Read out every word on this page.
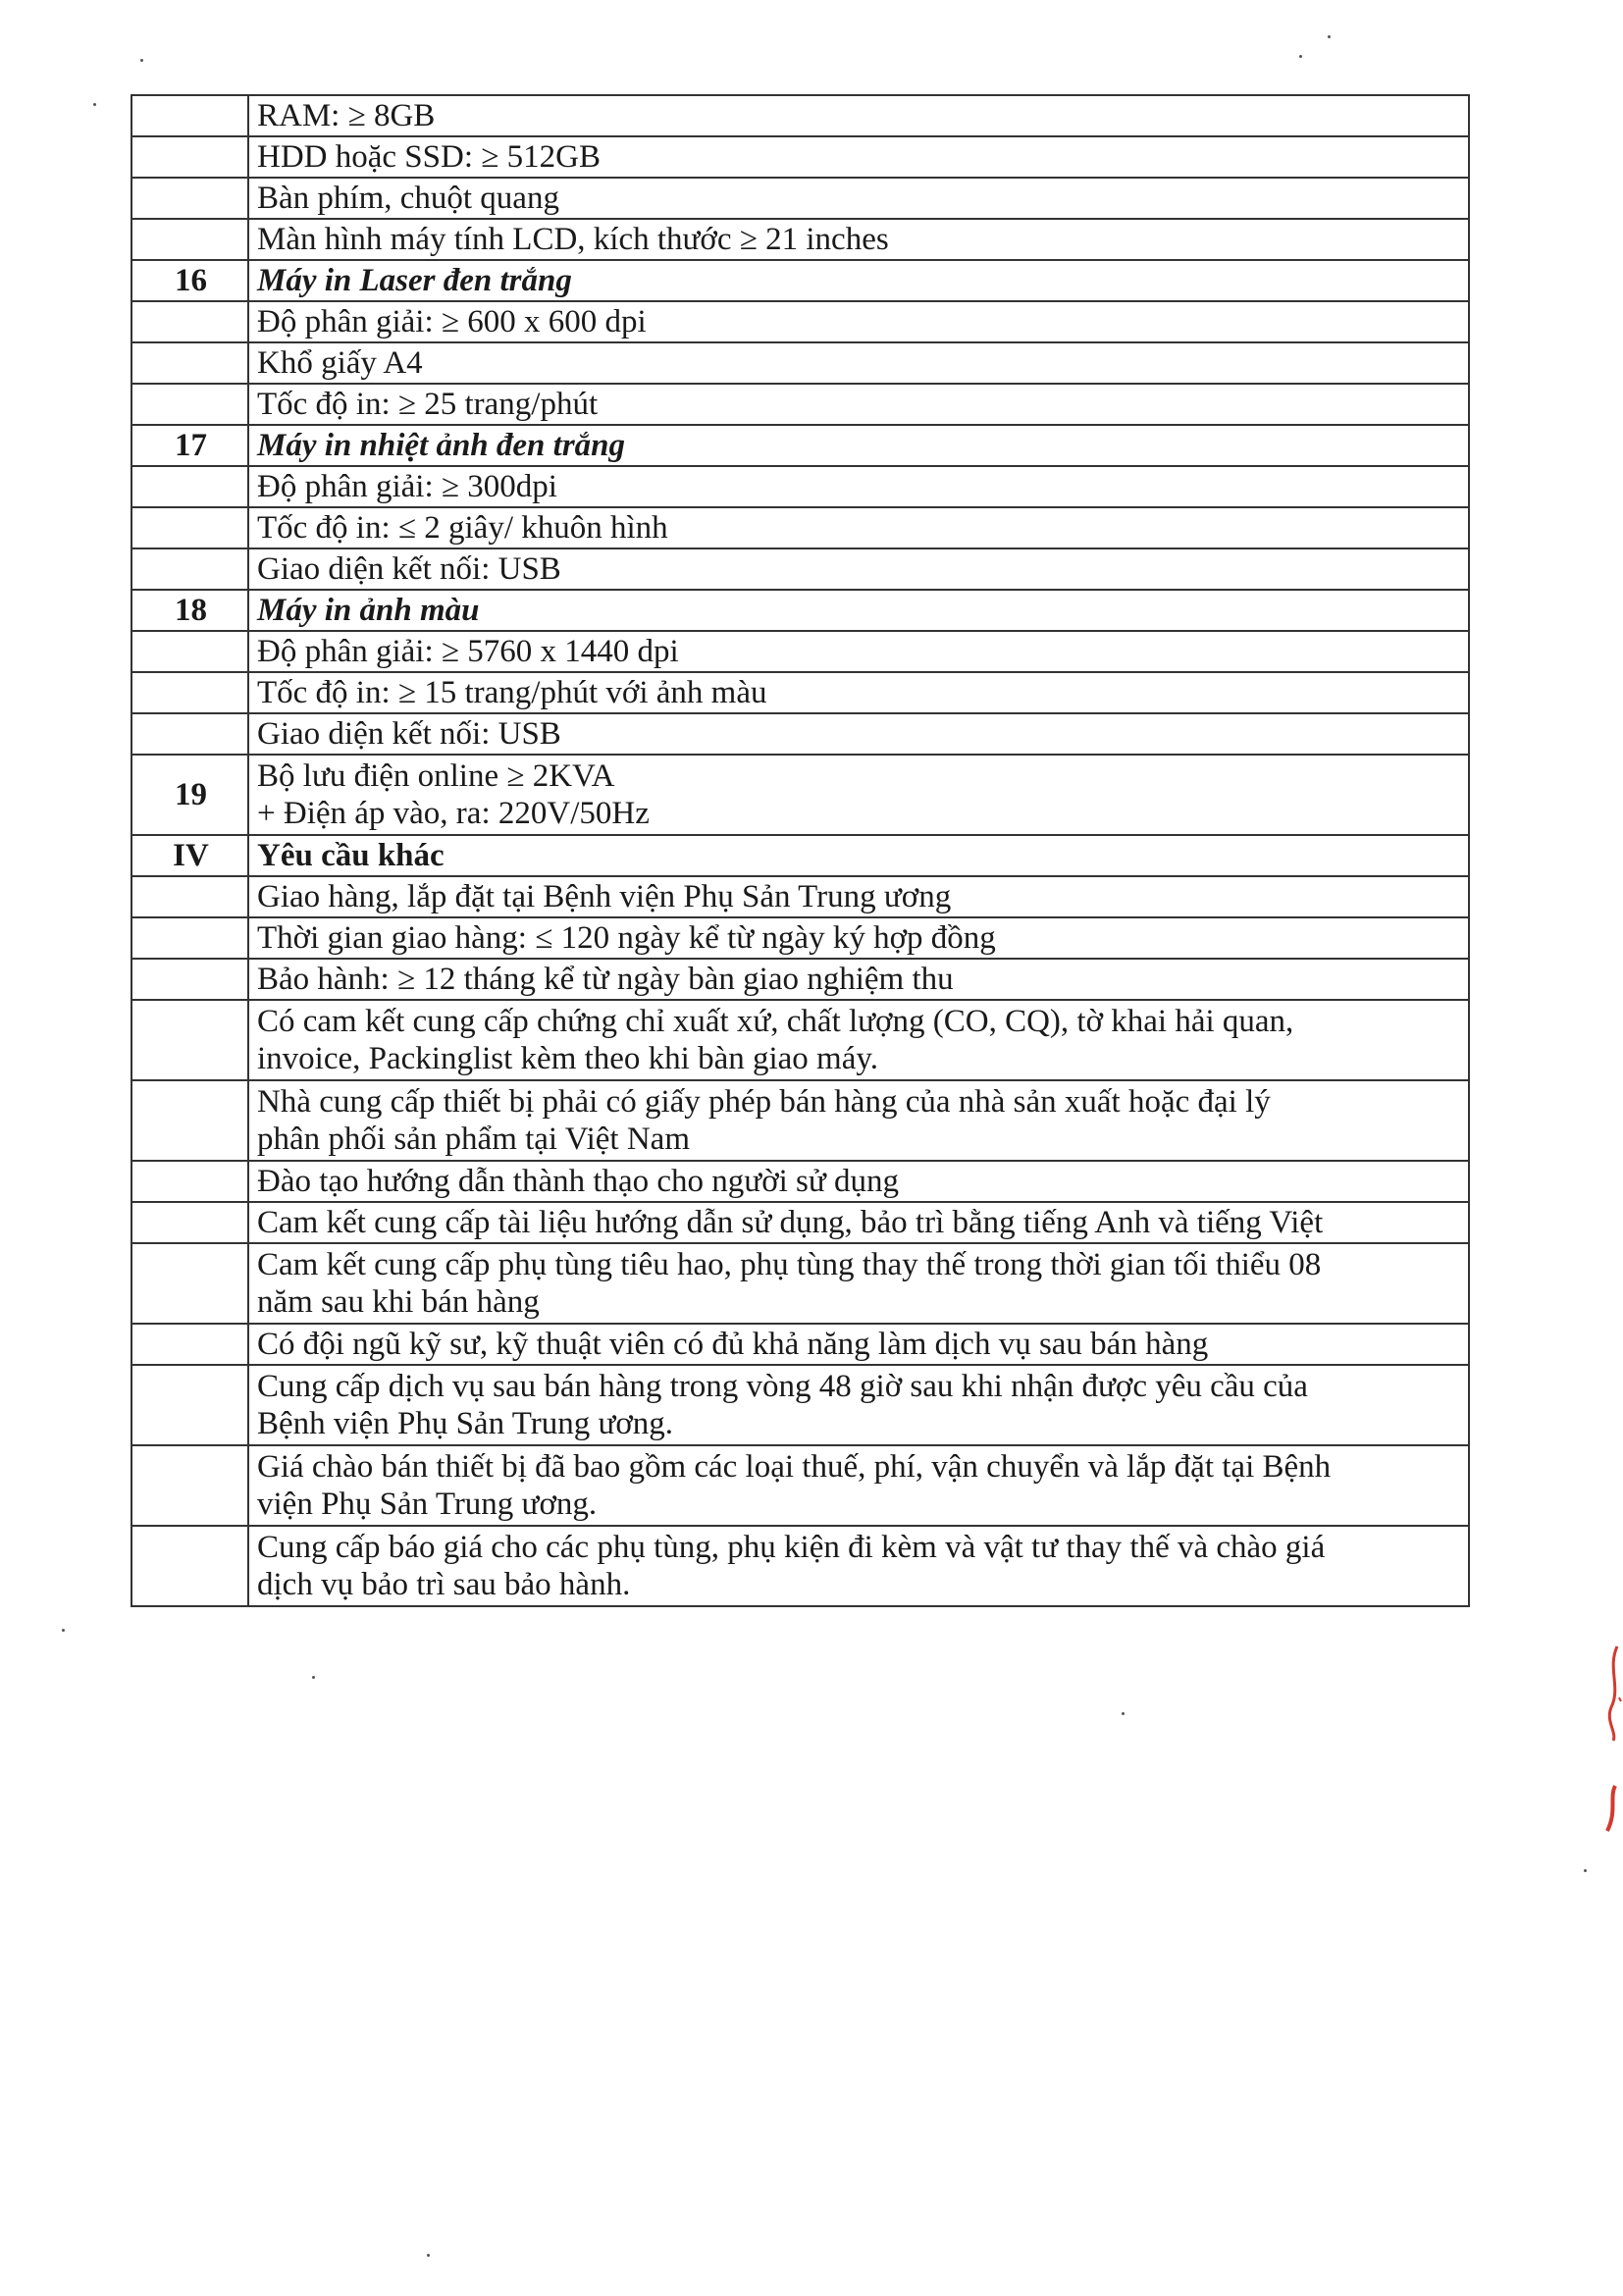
	RAM: ≥ 8GB

	HDD hoặc SSD: ≥ 512GB

	Bàn phím, chuột quang

	Màn hình máy tính LCD, kích thước ≥ 21 inches

16	Máy in Laser đen trắng

	Độ phân giải: ≥ 600 x 600 dpi

	Khổ giấy A4

	Tốc độ in: ≥ 25 trang/phút

17	Máy in nhiệt ảnh đen trắng

	Độ phân giải: ≥ 300dpi

	Tốc độ in: ≤ 2 giây/ khuôn hình

	Giao diện kết nối: USB

18	Máy in ảnh màu

	Độ phân giải: ≥ 5760 x 1440 dpi

	Tốc độ in: ≥ 15 trang/phút với ảnh màu

	Giao diện kết nối: USB

19	Bộ lưu điện online ≥ 2KVA
+ Điện áp vào, ra: 220V/50Hz

IV	Yêu cầu khác

	Giao hàng, lắp đặt tại Bệnh viện Phụ Sản Trung ương

	Thời gian giao hàng: ≤ 120 ngày kể từ ngày ký hợp đồng

	Bảo hành: ≥ 12 tháng kể từ ngày bàn giao nghiệm thu

	Có cam kết cung cấp chứng chỉ xuất xứ, chất lượng (CO, CQ), tờ khai hải quan,
invoice, Packinglist kèm theo khi bàn giao máy.

	Nhà cung cấp thiết bị phải có giấy phép bán hàng của nhà sản xuất hoặc đại lý
phân phối sản phẩm tại Việt Nam

	Đào tạo hướng dẫn thành thạo cho người sử dụng

	Cam kết cung cấp tài liệu hướng dẫn sử dụng, bảo trì bằng tiếng Anh và tiếng Việt

	Cam kết cung cấp phụ tùng tiêu hao, phụ tùng thay thế trong thời gian tối thiểu 08
năm sau khi bán hàng

	Có đội ngũ kỹ sư, kỹ thuật viên có đủ khả năng làm dịch vụ sau bán hàng

	Cung cấp dịch vụ sau bán hàng trong vòng 48 giờ sau khi nhận được yêu cầu của
Bệnh viện Phụ Sản Trung ương.

	Giá chào bán thiết bị đã bao gồm các loại thuế, phí, vận chuyển và lắp đặt tại Bệnh
viện Phụ Sản Trung ương.

	Cung cấp báo giá cho các phụ tùng, phụ kiện đi kèm và vật tư thay thế và chào giá
dịch vụ bảo trì sau bảo hành.
